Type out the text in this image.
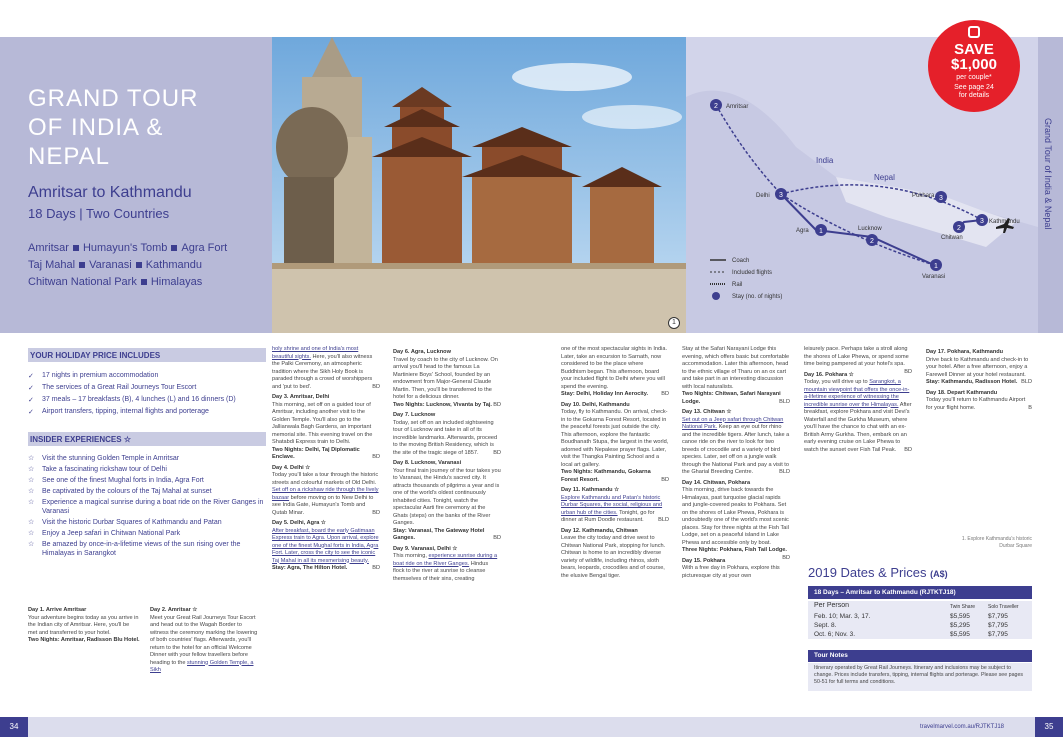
GRAND TOUR
OF INDIA &
NEPAL
Amritsar to Kathmandu
18 Days | Two Countries
Amritsar Humayun's Tomb Agra Fort
Taj Mahal Varanasi Kathmandu
Chitwan National Park Himalayas
1
2
3
1
2
1
3
2
3
Amritsar
Delhi
Agra	Lucknow
Varanasi
Pokhara
Chitwan
Kathmandu
India
Nepal
Coach
Included flights
Rail
Stay (no. of nights)
Grand Tour of India & Nepal
SAVE
$1,000
per couple*
See page 24
for details
YOUR HOLIDAY PRICE INCLUDES
✓ 17 nights in premium accommodation
✓ The services of a Great Rail Journeys Tour Escort
✓ 37 meals – 17 breakfasts (B), 4 lunches (L) and 16 dinners (D)
✓ Airport transfers, tipping, internal flights and porterage
INSIDER EXPERIENCES ☆
☆ Visit the stunning Golden Temple in Amritsar
☆ Take a fascinating rickshaw tour of Delhi
☆ See one of the finest Mughal forts in India, Agra Fort
☆ Be captivated by the colours of the Taj Mahal at sunset
☆ Experience a magical sunrise during a boat ride on the River Ganges in Varanasi
☆ Visit the historic Durbar Squares of Kathmandu and Patan
☆ Enjoy a Jeep safari in Chitwan National Park
☆ Be amazed by once-in-a-lifetime views of the sun rising over the Himalayas in Sarangkot
Day 1. Arrive Amritsar
Your adventure begins today as you arrive in the Indian city of Amritsar. Here, you'll be met and transferred to your hotel.
Two Nights: Amritsar, Radisson Blu Hotel.
Day 2. Amritsar ☆
Meet your Great Rail Journeys Tour Escort and head out to the Wagah Border to witness the ceremony marking the lowering of both countries' flags. Afterwards, you'll return to the hotel for an official Welcome Dinner with your fellow travellers before heading to the stunning Golden Temple, a Sikh
holy shrine and one of India's most beautiful sights. Here, you'll also witness the Palki Ceremony, an atmospheric tradition where the Sikh Holy Book is paraded through a crowd of worshippers and 'put to bed'.	BD

Day 3. Amritsar, Delhi
This morning, set off on a guided tour of Amritsar, including another visit to the Golden Temple. You'll also go to the Jallianwala Bagh Gardens, an important memorial site. This evening travel on the Shatabdi Express train to Delhi.
Two Nights: Delhi, Taj Diplomatic Enclave.	BD

Day 4. Delhi ☆
Today you'll take a tour through the historic streets and colourful markets of Old Delhi. Set off on a rickshaw ride through the lively bazaar before moving on to New Delhi to see India Gate, Humayun's Tomb and Qutab Minar.	BD

Day 5. Delhi, Agra ☆
After breakfast, board the early Gatimaan Express train to Agra. Upon arrival, explore one of the finest Mughal forts in India, Agra Fort. Later, cross the city to see the iconic Taj Mahal in all its mesmerising beauty.
Stay: Agra, The Hilton Hotel.	BD
Day 6. Agra, Lucknow
Travel by coach to the city of Lucknow. On arrival you'll head to the famous La Martiniere Boys' School, founded by an endowment from Major-General Claude Martin. Then, you'll be transferred to the hotel for a delicious dinner.
Two Nights: Lucknow, Vivanta by Taj. BD

Day 7. Lucknow
Today, set off on an included sightseeing tour of Lucknow and take in all of its incredible landmarks. Afterwards, proceed to the moving British Residency, which is the site of the tragic siege of 1857.	BD

Day 8. Lucknow, Varanasi
Your final train journey of the tour takes you to Varanasi, the Hindu's sacred city. It attracts thousands of pilgrims a year and is one of the world's oldest continuously inhabited cities. Tonight, watch the spectacular Aarti fire ceremony at the Ghats (steps) on the banks of the River Ganges.
Stay: Varanasi, The Gateway Hotel Ganges.	BD

Day 9. Varanasi, Delhi ☆
This morning, experience sunrise during a boat ride on the River Ganges. Hindus flock to the river at sunrise to cleanse themselves of their sins, creating
one of the most spectacular sights in India. Later, take an excursion to Sarnath, now considered to be the place where Buddhism began. This afternoon, board your included flight to Delhi where you will spend the evening.
Stay: Delhi, Holiday Inn Aerocity. BD

Day 10. Delhi, Kathmandu
Today, fly to Kathmandu. On arrival, check-in to the Gokarna Forest Resort, located in the peaceful forests just outside the city. This afternoon, explore the fantastic Boudhanath Stupa, the largest in the world, adorned with Nepalese prayer flags. Later, visit the Thangka Painting School and a local art gallery.
Two Nights: Kathmandu, Gokarna Forest Resort.	BD

Day 11. Kathmandu ☆
Explore Kathmandu and Patan's historic Durbar Squares, the social, religious and urban hub of the cities. Tonight, go for dinner at Rum Doodle restaurant.	BLD

Day 12. Kathmandu, Chitwan
Leave the city today and drive west to Chitwan National Park, stopping for lunch. Chitwan is home to an incredibly diverse variety of wildlife, including rhinos, sloth bears, leopards, crocodiles and of course, the elusive Bengal tiger.
Stay at the Safari Narayani Lodge this evening, which offers basic but comfortable accommodation. Later this afternoon, head to the ethnic village of Tharu on an ox cart and take part in an interesting discussion with local naturalists.
Two Nights: Chitwan, Safari Narayani Lodge.	BLD

Day 13. Chitwan ☆
Set out on a Jeep safari through Chitwan National Park. Keep an eye out for rhino and the incredible tigers. After lunch, take a canoe ride on the river to look for two breeds of crocodile and a variety of bird species. Later, set off on a jungle walk through the National Park and pay a visit to the Gharial Breeding Centre.	BLD

Day 14. Chitwan, Pokhara
This morning, drive back towards the Himalayas, past turquoise glacial rapids and jungle-covered peaks to Pokhara. Set on the shores of Lake Phewa, Pokhara is undoubtedly one of the world's most scenic places. Stay for three nights at the Fish Tail Lodge, set on a peaceful island in Lake Phewa and accessible only by boat.
Three Nights: Pokhara, Fish Tail Lodge.
BD

Day 15. Pokhara
With a free day in Pokhara, explore this picturesque city at your own
leisurely pace. Perhaps take a stroll along the shores of Lake Phewa, or spend some time being pampered at your hotel's spa.
BD

Day 16. Pokhara ☆
Today, you will drive up to Sarangkot, a mountain viewpoint that offers the once-in-a-lifetime experience of witnessing the incredible sunrise over the Himalayas. After breakfast, explore Pokhara and visit Devi's Waterfall and the Gurkha Museum, where you'll have the chance to chat with an ex-British Army Gurkha. Then, embark on an early evening cruise on Lake Phewa to watch the sunset over Fish Tail Peak. BD
Day 17. Pokhara, Kathmandu
Drive back to Kathmandu and check-in to your hotel. After a free afternoon, enjoy a Farewell Dinner at your hotel restaurant.
Stay: Kathmandu, Radisson Hotel. BLD

Day 18. Depart Kathmandu
Today you'll return to Kathmandu Airport for your flight home.	B
1. Explore Kathmandu's historic Durbar Square
2019 Dates & Prices (A$)
18 Days – Amritsar to Kathmandu (RJTKTJ18)
Per Person	Twin Share	Solo Traveller
Feb. 10; Mar. 3, 17.	$5,595	$7,795
Sept. 8.	$5,295	$7,795
Oct. 6; Nov. 3.	$5,595	$7,795
Tour Notes
Itinerary operated by Great Rail Journeys. Itinerary and inclusions may be subject to change. Prices include transfers, tipping, internal flights and porterage. Please see pages 50-51 for full terms and conditions.
34	35
travelmarvel.com.au/RJTKTJ18
